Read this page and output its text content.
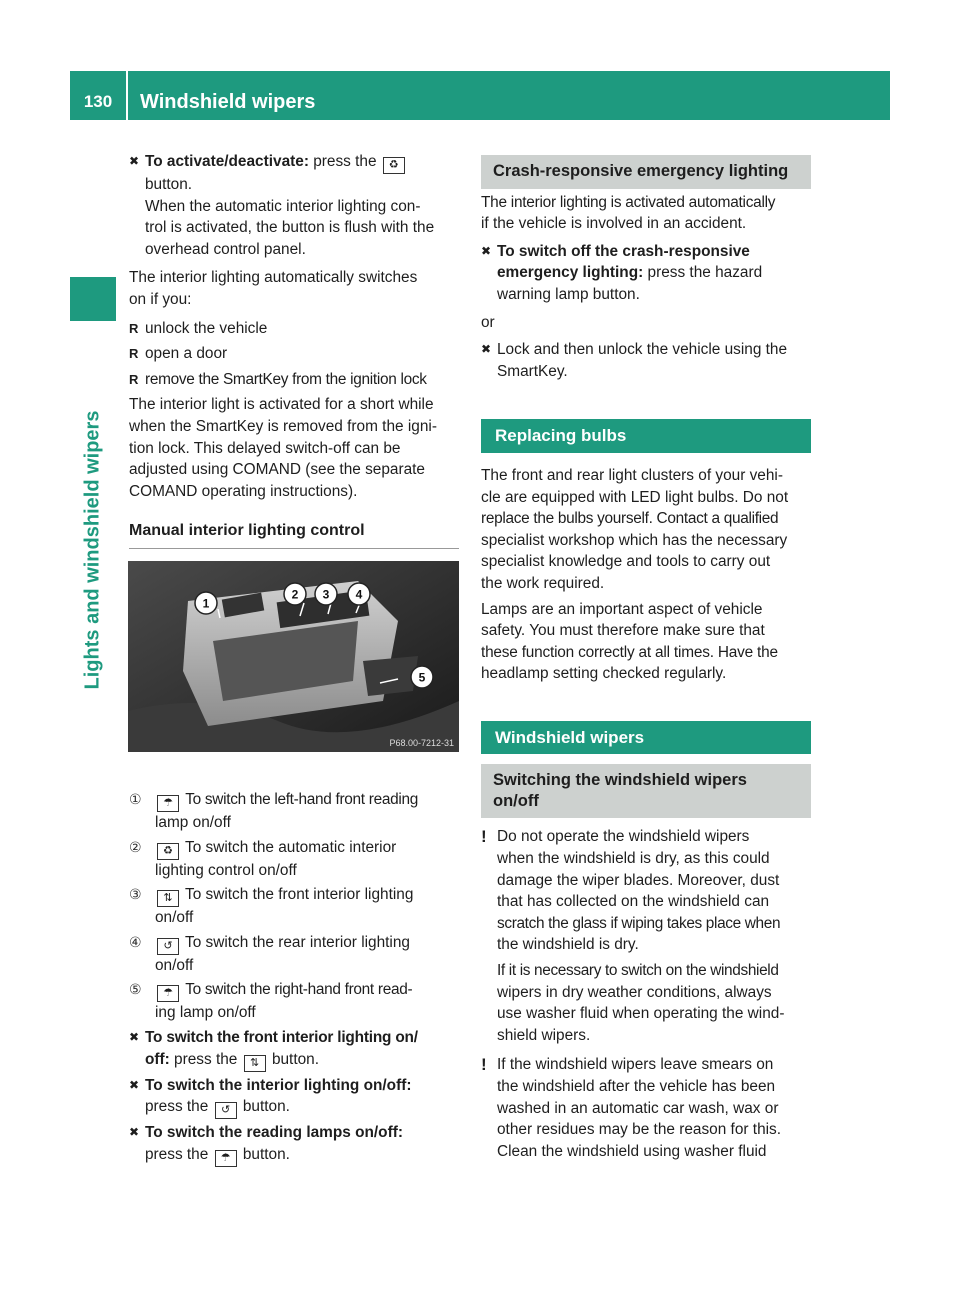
130	Windshield wipers
Lights and windshield wipers
✖ To activate/deactivate: press the ♻

button.

When the automatic interior lighting con-

trol is activated, the button is flush with the

overhead control panel.

The interior lighting automatically switches

on if you:

R unlock the vehicle

R open a door

R remove the SmartKey from the ignition lock

The interior light is activated for a short while

when the SmartKey is removed from the igni-

tion lock. This delayed switch-off can be

adjusted using COMAND (see the separate

COMAND operating instructions).

Manual interior lighting control

1
2 3 4
5
P68.00-7212-31
①	☂ To switch the left-hand front reading

lamp on/off

②	♻ To switch the automatic interior

lighting control on/off

③	⇅ To switch the front interior lighting

on/off

④	↺ To switch the rear interior lighting

on/off

⑤	☂ To switch the right-hand front read-

ing lamp on/off

✖ To switch the front interior lighting on/

off: press the ⇅ button.

✖ To switch the interior lighting on/off:

press the ↺ button.

✖ To switch the reading lamps on/off:

press the ☂ button.

Crash-responsive emergency lighting

The interior lighting is activated automatically

if the vehicle is involved in an accident.

✖ To switch off the crash-responsive

emergency lighting: press the hazard

warning lamp button.

or

✖ Lock and then unlock the vehicle using the

SmartKey.

Replacing bulbs

The front and rear light clusters of your vehi-

cle are equipped with LED light bulbs. Do not

replace the bulbs yourself. Contact a qualified

specialist workshop which has the necessary

specialist knowledge and tools to carry out

the work required.

Lamps are an important aspect of vehicle

safety. You must therefore make sure that

these function correctly at all times. Have the

headlamp setting checked regularly.

Windshield wipers

Switching the windshield wipers
on/off
! Do not operate the windshield wipers

when the windshield is dry, as this could

damage the wiper blades. Moreover, dust

that has collected on the windshield can

scratch the glass if wiping takes place when

the windshield is dry.

If it is necessary to switch on the windshield

wipers in dry weather conditions, always

use washer fluid when operating the wind-

shield wipers.

! If the windshield wipers leave smears on

the windshield after the vehicle has been

washed in an automatic car wash, wax or

other residues may be the reason for this.

Clean the windshield using washer fluid
